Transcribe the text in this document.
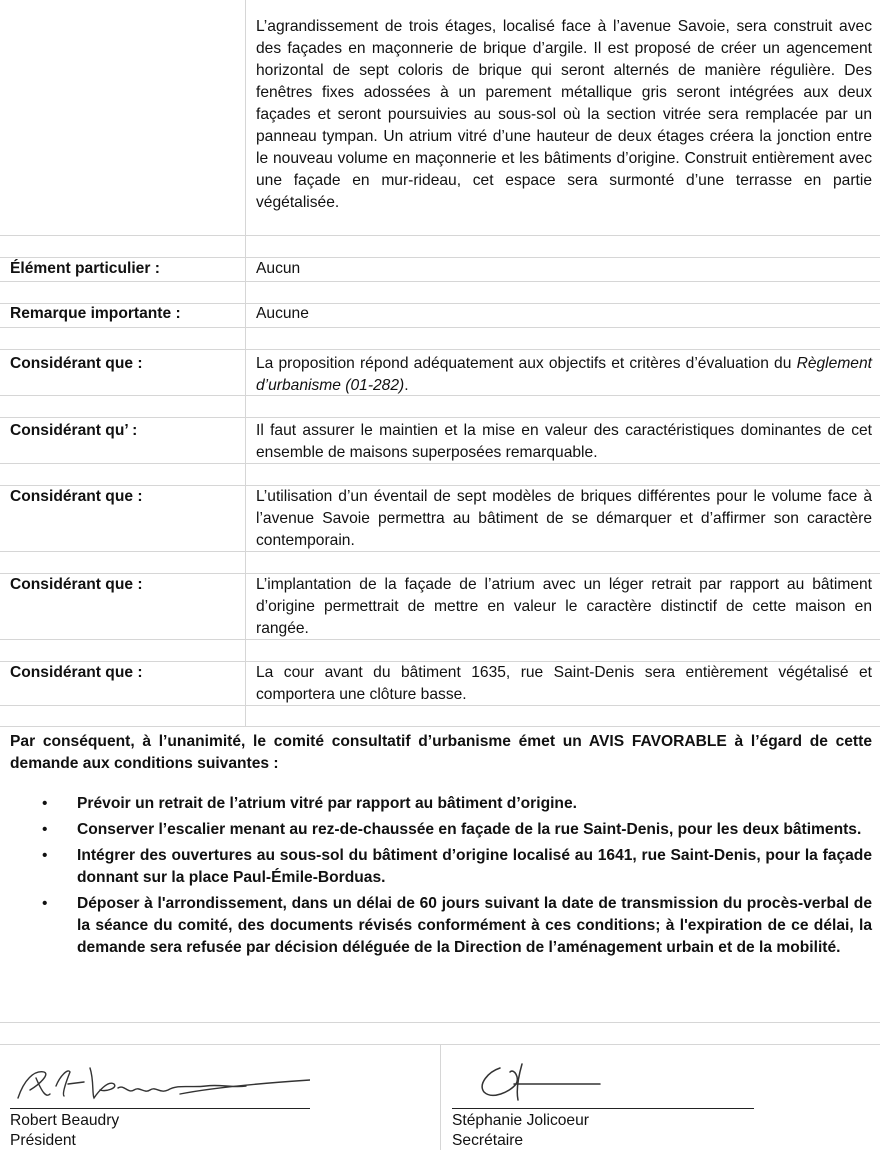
L’agrandissement de trois étages, localisé face à l’avenue Savoie, sera construit avec des façades en maçonnerie de brique d’argile. Il est proposé de créer un agencement horizontal de sept coloris de brique qui seront alternés de manière régulière. Des fenêtres fixes adossées à un parement métallique gris seront intégrées aux deux façades et seront poursuivies au sous-sol où la section vitrée sera remplacée par un panneau tympan. Un atrium vitré d’une hauteur de deux étages créera la jonction entre le nouveau volume en maçonnerie et les bâtiments d’origine. Construit entièrement avec une façade en mur-rideau, cet espace sera surmonté d’une terrasse en partie végétalisée.
Élément particulier :	Aucun
Remarque importante :	Aucune
Considérant que :	La proposition répond adéquatement aux objectifs et critères d’évaluation du Règlement d’urbanisme (01-282).
Considérant qu’ :	Il faut assurer le maintien et la mise en valeur des caractéristiques dominantes de cet ensemble de maisons superposées remarquable.
Considérant que :	L’utilisation d’un éventail de sept modèles de briques différentes pour le volume face à l’avenue Savoie permettra au bâtiment de se démarquer et d’affirmer son caractère contemporain.
Considérant que :	L’implantation de la façade de l’atrium avec un léger retrait par rapport au bâtiment d’origine permettrait de mettre en valeur le caractère distinctif de cette maison en rangée.
Considérant que :	La cour avant du bâtiment 1635, rue Saint-Denis sera entièrement végétalisé et comportera une clôture basse.
Par conséquent, à l’unanimité, le comité consultatif d’urbanisme émet un AVIS FAVORABLE à l’égard de cette demande aux conditions suivantes :
• Prévoir un retrait de l’atrium vitré par rapport au bâtiment d’origine.
• Conserver l’escalier menant au rez-de-chaussée en façade de la rue Saint-Denis, pour les deux bâtiments.
• Intégrer des ouvertures au sous-sol du bâtiment d’origine localisé au 1641, rue Saint-Denis, pour la façade donnant sur la place Paul-Émile-Borduas.
• Déposer à l'arrondissement, dans un délai de 60 jours suivant la date de transmission du procès-verbal de la séance du comité, des documents révisés conformément à ces conditions; à l'expiration de ce délai, la demande sera refusée par décision déléguée de la Direction de l’aménagement urbain et de la mobilité.
Robert Beaudry
Président
Stéphanie Jolicoeur
Secrétaire
